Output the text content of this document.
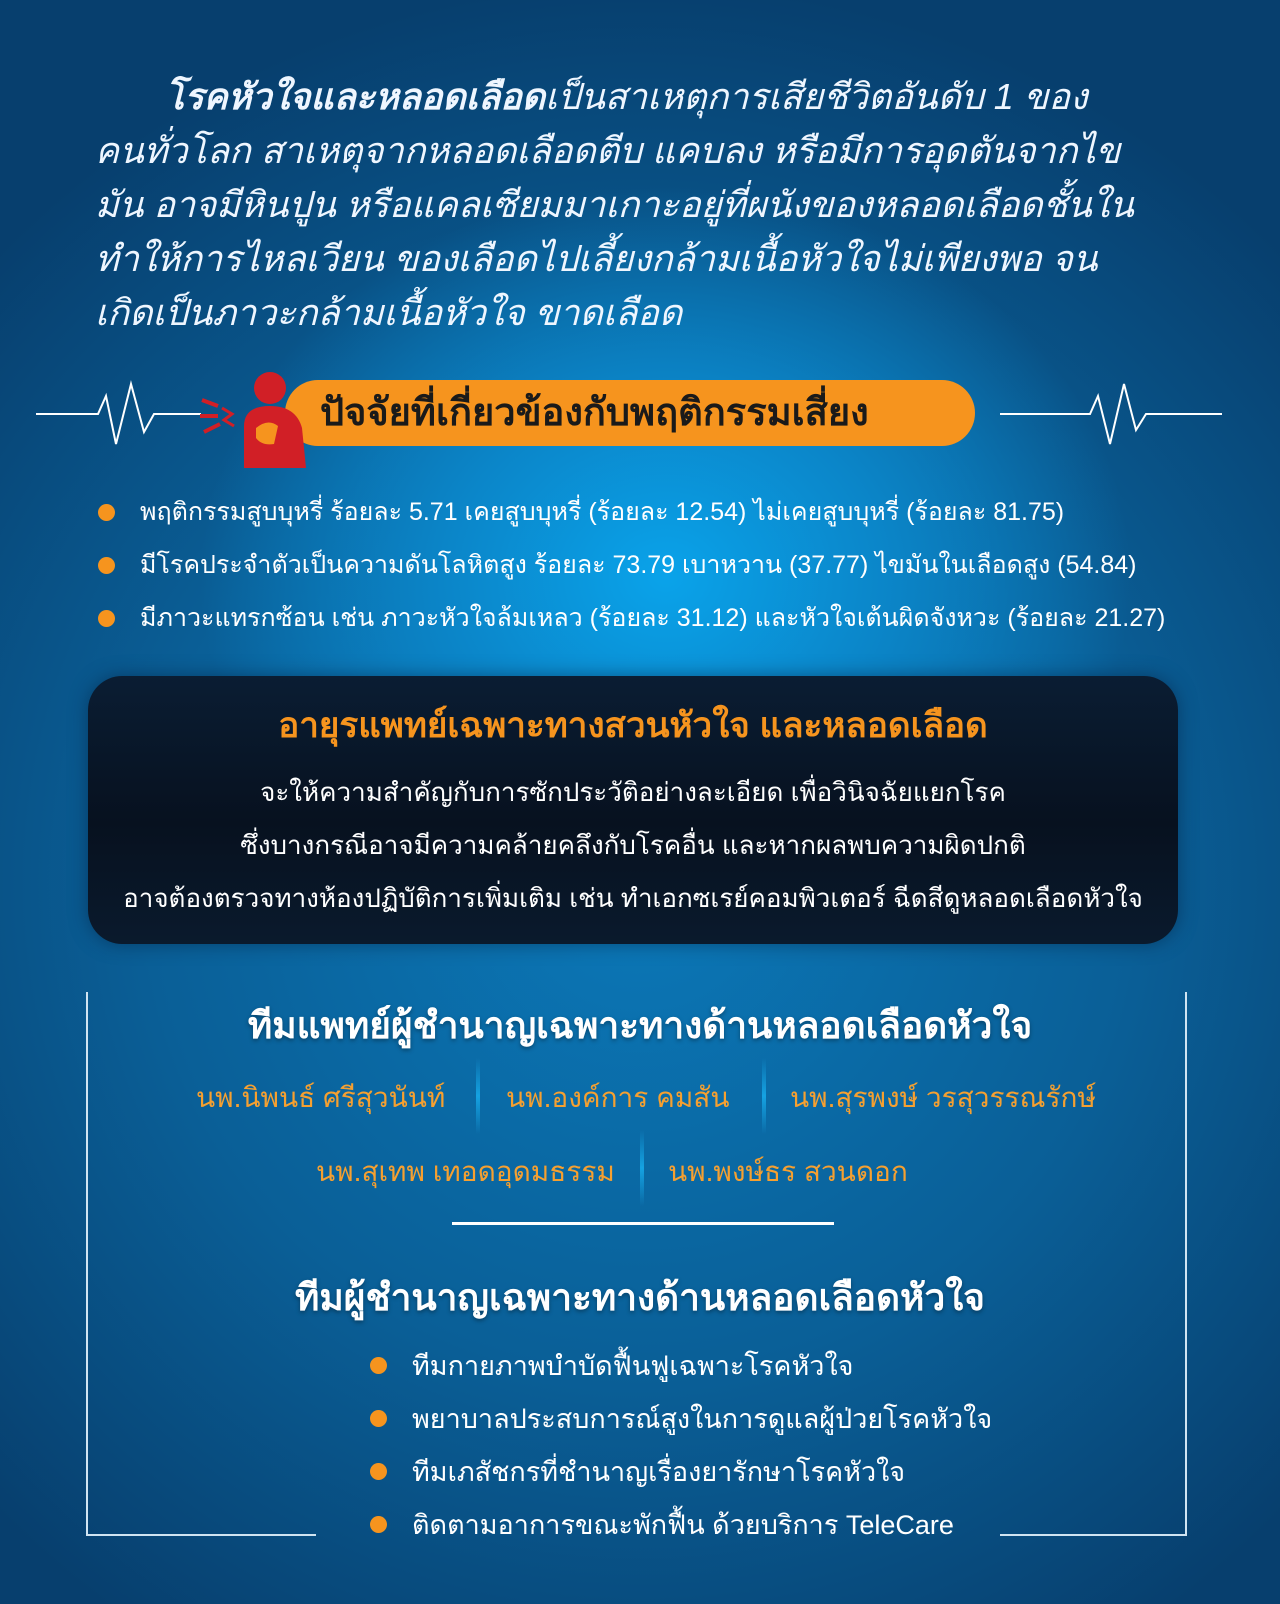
โรคหัวใจและหลอดเลือดเป็นสาเหตุการเสียชีวิตอันดับ 1 ของคนทั่วโลก สาเหตุจากหลอดเลือดตีบ แคบลง หรือมีการอุดตันจากไขมัน อาจมีหินปูน หรือแคลเซียมมาเกาะอยู่ที่ผนังของหลอดเลือดชั้นใน ทำให้การไหลเวียน ของเลือดไปเลี้ยงกล้ามเนื้อหัวใจไม่เพียงพอ จนเกิดเป็นภาวะกล้ามเนื้อหัวใจ ขาดเลือด

ปัจจัยที่เกี่ยวข้องกับพฤติกรรมเสี่ยง
พฤติกรรมสูบบุหรี่ ร้อยละ 5.71 เคยสูบบุหรี่ (ร้อยละ 12.54) ไม่เคยสูบบุหรี่ (ร้อยละ 81.75)
มีโรคประจำตัวเป็นความดันโลหิตสูง ร้อยละ 73.79 เบาหวาน (37.77) ไขมันในเลือดสูง (54.84)
มีภาวะแทรกซ้อน เช่น ภาวะหัวใจล้มเหลว (ร้อยละ 31.12) และหัวใจเต้นผิดจังหวะ (ร้อยละ 21.27)
อายุรแพทย์เฉพาะทางสวนหัวใจ และหลอดเลือด
จะให้ความสำคัญกับการซักประวัติอย่างละเอียด เพื่อวินิจฉัยแยกโรค
ซึ่งบางกรณีอาจมีความคล้ายคลึงกับโรคอื่น และหากผลพบความผิดปกติ
อาจต้องตรวจทางห้องปฏิบัติการเพิ่มเติม เช่น ทำเอกซเรย์คอมพิวเตอร์ ฉีดสีดูหลอดเลือดหัวใจ
ทีมแพทย์ผู้ชำนาญเฉพาะทางด้านหลอดเลือดหัวใจ
นพ.นิพนธ์ ศรีสุวนันท์ นพ.องค์การ คมสัน นพ.สุรพงษ์ วรสุวรรณรักษ์
นพ.สุเทพ เทอดอุดมธรรม นพ.พงษ์ธร สวนดอก
ทีมผู้ชำนาญเฉพาะทางด้านหลอดเลือดหัวใจ
ทีมกายภาพบำบัดฟื้นฟูเฉพาะโรคหัวใจ
พยาบาลประสบการณ์สูงในการดูแลผู้ป่วยโรคหัวใจ
ทีมเภสัชกรที่ชำนาญเรื่องยารักษาโรคหัวใจ
ติดตามอาการขณะพักฟื้น ด้วยบริการ TeleCare
